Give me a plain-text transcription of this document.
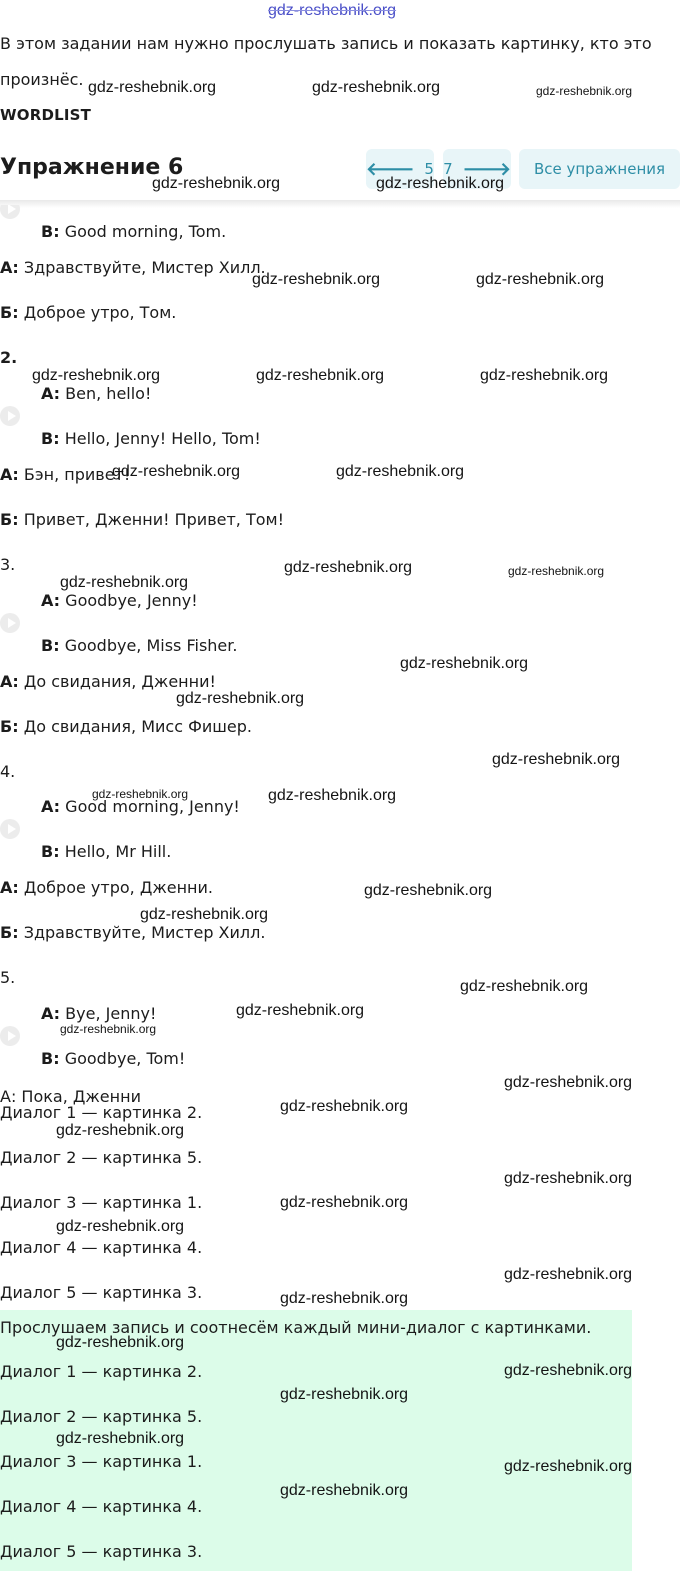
gdz-reshebnik.org
В этом задании нам нужно прослушать запись и показать картинку, кто это
произнёс.
WORDLIST
Упражнение 6	🡐 5 7 🡒 Все упражнения
B: Good morning, Tom.
А: Здравствуйте, Мистер Хилл.
Б: Доброе утро, Том.
2.
A: Ben, hello!
B: Hello, Jenny! Hello, Tom!
А: Бэн, привет!
Б: Привет, Дженни! Привет, Том!
3.
A: Goodbye, Jenny!
B: Goodbye, Miss Fisher.
А: До свидания, Дженни!
Б: До свидания, Мисс Фишер.
4.
A: Good morning, Jenny!
B: Hello, Mr Hill.
А: Доброе утро, Дженни.
Б: Здравствуйте, Мистер Хилл.
5.
A: Bye, Jenny!
B: Goodbye, Tom!
А: Пока, Дженни
Диалог 1 — картинка 2.
Диалог 2 — картинка 5.
Диалог 3 — картинка 1.
Диалог 4 — картинка 4.
Диалог 5 — картинка 3.
Прослушаем запись и соотнесём каждый мини-диалог с картинками.
Диалог 1 — картинка 2.
Диалог 2 — картинка 5.
Диалог 3 — картинка 1.
Диалог 4 — картинка 4.
Диалог 5 — картинка 3.
gdz-reshebnik.org	gdz-reshebnik.org	gdz-reshebnik.org
gdz-reshebnik.org	gdz-reshebnik.org
gdz-reshebnik.org	gdz-reshebnik.org
gdz-reshebnik.org	gdz-reshebnik.org	gdz-reshebnik.org
gdz-reshebnik.org	gdz-reshebnik.org
gdz-reshebnik.org
gdz-reshebnik.org	gdz-reshebnik.org
gdz-reshebnik.org
gdz-reshebnik.org
gdz-reshebnik.org
gdz-reshebnik.org	gdz-reshebnik.org
gdz-reshebnik.org
gdz-reshebnik.org
gdz-reshebnik.org
gdz-reshebnik.org
gdz-reshebnik.org
gdz-reshebnik.org
gdz-reshebnik.org
gdz-reshebnik.org
gdz-reshebnik.org
gdz-reshebnik.org
gdz-reshebnik.org
gdz-reshebnik.org
gdz-reshebnik.org
gdz-reshebnik.org
gdz-reshebnik.org
gdz-reshebnik.org
gdz-reshebnik.org
gdz-reshebnik.org
gdz-reshebnik.org
